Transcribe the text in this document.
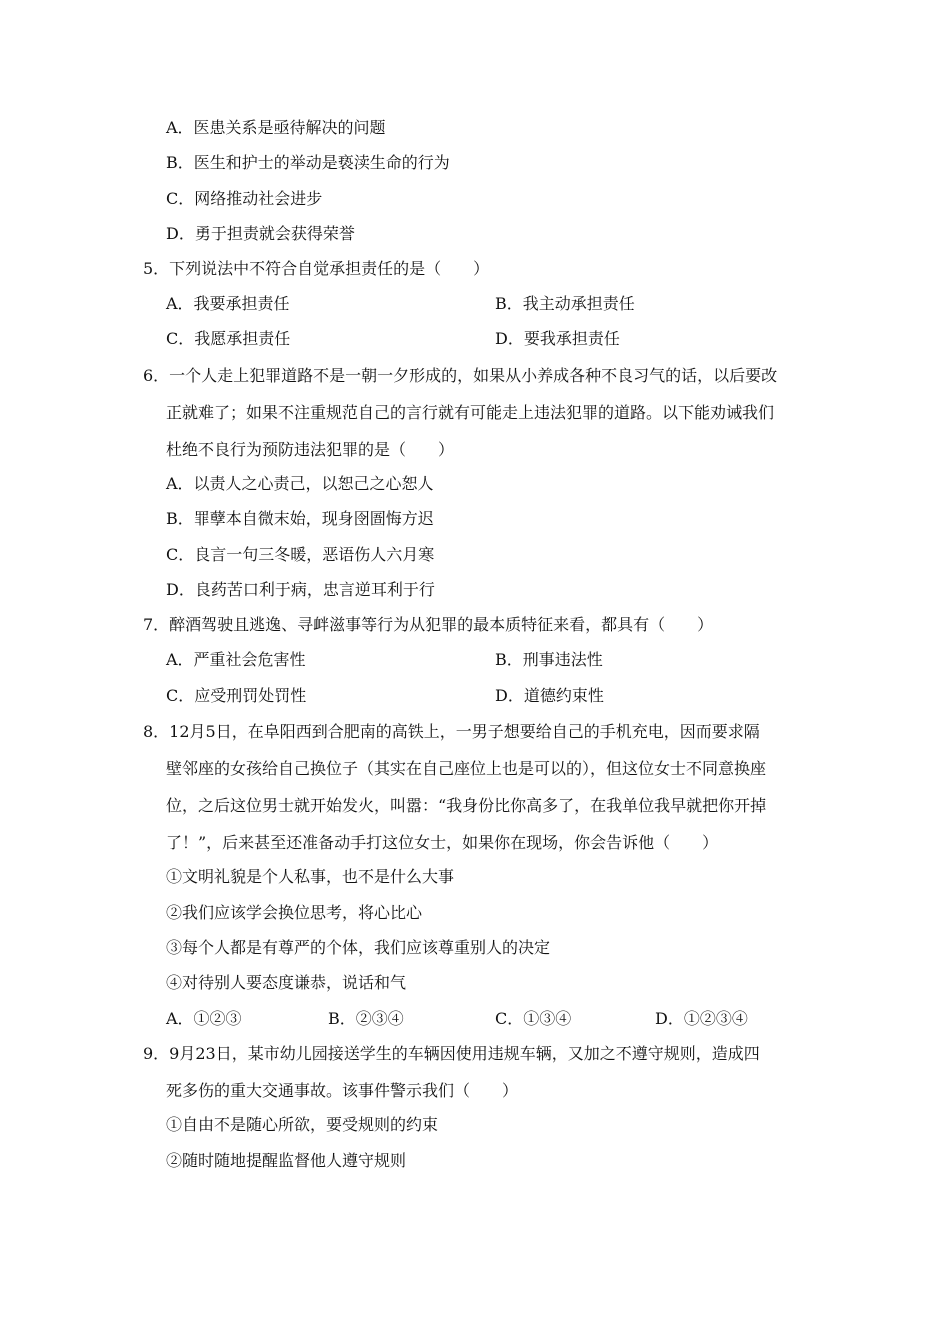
A．医患关系是亟待解决的问题
B．医生和护士的举动是亵渎生命的行为
C．网络推动社会进步
D．勇于担责就会获得荣誉
5．下列说法中不符合自觉承担责任的是（　　）
A．我要承担责任	B．我主动承担责任
C．我愿承担责任	D．要我承担责任
6．一个人走上犯罪道路不是一朝一夕形成的，如果从小养成各种不良习气的话，以后要改
正就难了；如果不注重规范自己的言行就有可能走上违法犯罪的道路。以下能劝诫我们
杜绝不良行为预防违法犯罪的是（　　）
A．以责人之心责己，以恕己之心恕人
B．罪孽本自微末始，现身囹圄悔方迟
C．良言一句三冬暖，恶语伤人六月寒
D．良药苦口利于病，忠言逆耳利于行
7．醉酒驾驶且逃逸、寻衅滋事等行为从犯罪的最本质特征来看，都具有（　　）
A．严重社会危害性	B．刑事违法性
C．应受刑罚处罚性	D．道德约束性
8．12月5日，在阜阳西到合肥南的高铁上，一男子想要给自己的手机充电，因而要求隔
壁邻座的女孩给自己换位子（其实在自己座位上也是可以的），但这位女士不同意换座
位，之后这位男士就开始发火，叫嚣：“我身份比你高多了，在我单位我早就把你开掉
了！”，后来甚至还准备动手打这位女士，如果你在现场，你会告诉他（　　）
①文明礼貌是个人私事，也不是什么大事
②我们应该学会换位思考，将心比心
③每个人都是有尊严的个体，我们应该尊重别人的决定
④对待别人要态度谦恭，说话和气
A．①②③	B．②③④	C．①③④	D．①②③④
9．9月23日，某市幼儿园接送学生的车辆因使用违规车辆，又加之不遵守规则，造成四
死多伤的重大交通事故。该事件警示我们（　　）
①自由不是随心所欲，要受规则的约束
②随时随地提醒监督他人遵守规则
